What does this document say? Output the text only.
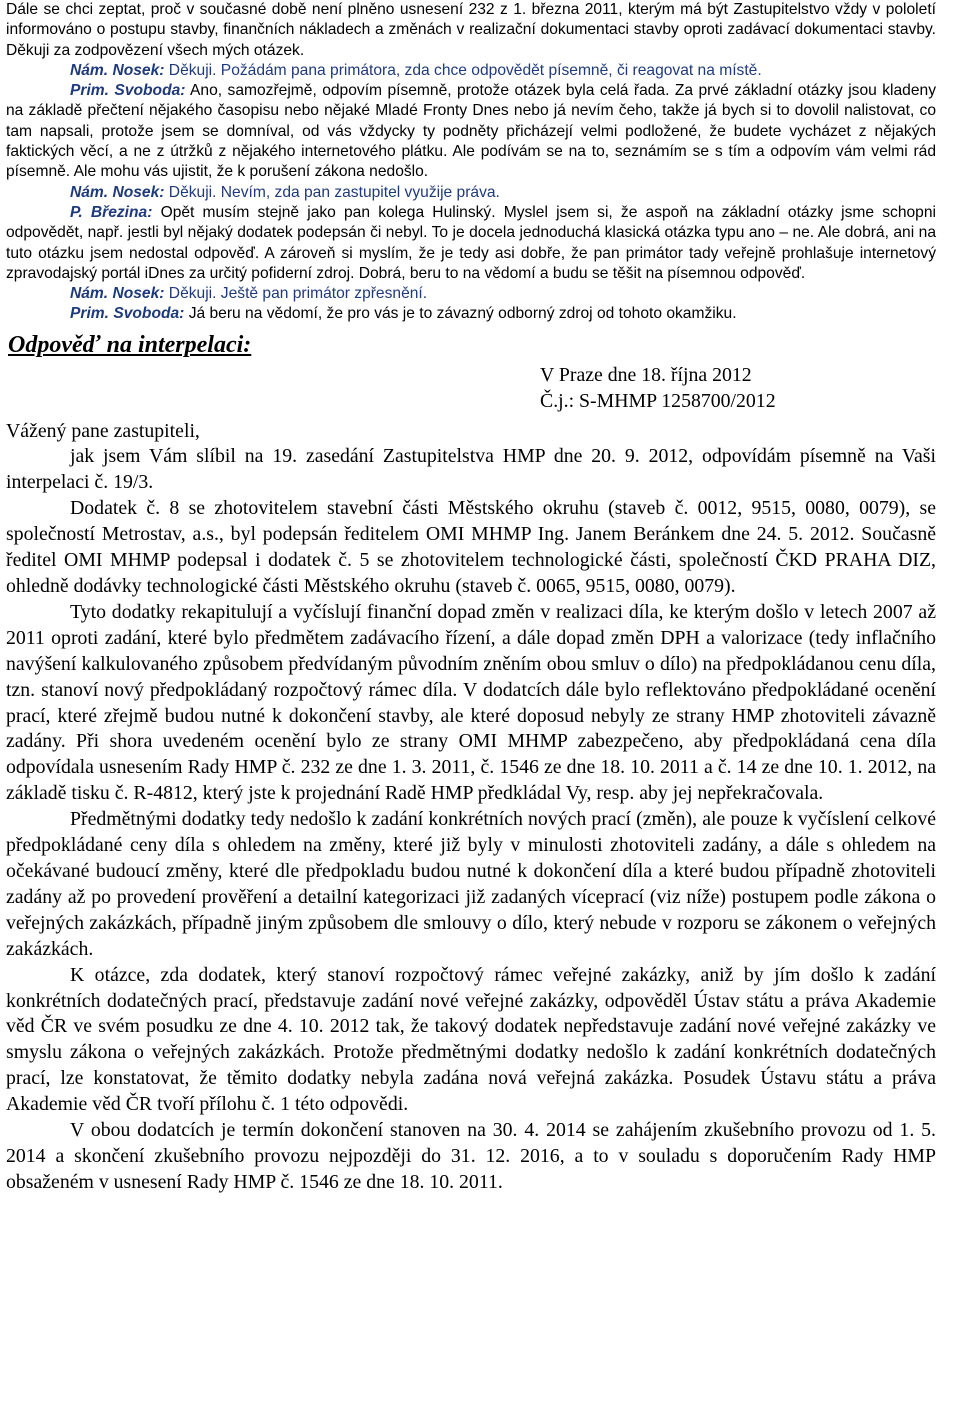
Dále se chci zeptat, proč v současné době není plněno usnesení 232 z 1. března 2011, kterým má být Zastupitelstvo vždy v pololetí informováno o postupu stavby, finančních nákladech a změnách v realizační dokumentaci stavby oproti zadávací dokumentaci stavby. Děkuji za zodpovězení všech mých otázek.

Nám. Nosek: Děkuji. Požádám pana primátora, zda chce odpovědět písemně, či reagovat na místě.

Prim. Svoboda: Ano, samozřejmě, odpovím písemně, protože otázek byla celá řada. Za prvé základní otázky jsou kladeny na základě přečtení nějakého časopisu nebo nějaké Mladé Fronty Dnes nebo já nevím čeho, takže já bych si to dovolil nalistovat, co tam napsali, protože jsem se domníval, od vás vždycky ty podněty přicházejí velmi podložené, že budete vycházet z nějakých faktických věcí, a ne z útržků z nějakého internetového plátku. Ale podívám se na to, seznámím se s tím a odpovím vám velmi rád písemně. Ale mohu vás ujistit, že k porušení zákona nedošlo.

Nám. Nosek: Děkuji. Nevím, zda pan zastupitel využije práva.

P. Březina: Opět musím stejně jako pan kolega Hulinský. Myslel jsem si, že aspoň na základní otázky jsme schopni odpovědět, např. jestli byl nějaký dodatek podepsán či nebyl. To je docela jednoduchá klasická otázka typu ano – ne. Ale dobrá, ani na tuto otázku jsem nedostal odpověď. A zároveň si myslím, že je tedy asi dobře, že pan primátor tady veřejně prohlašuje internetový zpravodajský portál iDnes za určitý pofiderní zdroj. Dobrá, beru to na vědomí a budu se těšit na písemnou odpověď.

Nám. Nosek: Děkuji. Ještě pan primátor zpřesnění.

Prim. Svoboda: Já beru na vědomí, že pro vás je to závazný odborný zdroj od tohoto okamžiku.

Odpověď na interpelaci:

V Praze dne 18. října 2012

Č.j.: S-MHMP 1258700/2012

Vážený pane zastupiteli,

jak jsem Vám slíbil na 19. zasedání Zastupitelstva HMP dne 20. 9. 2012, odpovídám písemně na Vaši interpelaci č. 19/3.

Dodatek č. 8 se zhotovitelem stavební části Městského okruhu (staveb č. 0012, 9515, 0080, 0079), se společností Metrostav, a.s., byl podepsán ředitelem OMI MHMP Ing. Janem Beránkem dne 24. 5. 2012. Současně ředitel OMI MHMP podepsal i dodatek č. 5 se zhotovitelem technologické části, společností ČKD PRAHA DIZ, ohledně dodávky technologické části Městského okruhu (staveb č. 0065, 9515, 0080, 0079).

Tyto dodatky rekapitulují a vyčíslují finanční dopad změn v realizaci díla, ke kterým došlo v letech 2007 až 2011 oproti zadání, které bylo předmětem zadávacího řízení, a dále dopad změn DPH a valorizace (tedy inflačního navýšení kalkulovaného způsobem předvídaným původním zněním obou smluv o dílo) na předpokládanou cenu díla, tzn. stanoví nový předpokládaný rozpočtový rámec díla. V dodatcích dále bylo reflektováno předpokládané ocenění prací, které zřejmě budou nutné k dokončení stavby, ale které doposud nebyly ze strany HMP zhotoviteli závazně zadány. Při shora uvedeném ocenění bylo ze strany OMI MHMP zabezpečeno, aby předpokládaná cena díla odpovídala usnesením Rady HMP č. 232 ze dne 1. 3. 2011, č. 1546 ze dne 18. 10. 2011 a č. 14 ze dne 10. 1. 2012, na základě tisku č. R-4812, který jste k projednání Radě HMP předkládal Vy, resp. aby jej nepřekračovala.

Předmětnými dodatky tedy nedošlo k zadání konkrétních nových prací (změn), ale pouze k vyčíslení celkové předpokládané ceny díla s ohledem na změny, které již byly v minulosti zhotoviteli zadány, a dále s ohledem na očekávané budoucí změny, které dle předpokladu budou nutné k dokončení díla a které budou případně zhotoviteli zadány až po provedení prověření a detailní kategorizaci již zadaných víceprací (viz níže) postupem podle zákona o veřejných zakázkách, případně jiným způsobem dle smlouvy o dílo, který nebude v rozporu se zákonem o veřejných zakázkách.

K otázce, zda dodatek, který stanoví rozpočtový rámec veřejné zakázky, aniž by jím došlo k zadání konkrétních dodatečných prací, představuje zadání nové veřejné zakázky, odpověděl Ústav státu a práva Akademie věd ČR ve svém posudku ze dne 4. 10. 2012 tak, že takový dodatek nepředstavuje zadání nové veřejné zakázky ve smyslu zákona o veřejných zakázkách. Protože předmětnými dodatky nedošlo k zadání konkrétních dodatečných prací, lze konstatovat, že těmito dodatky nebyla zadána nová veřejná zakázka. Posudek Ústavu státu a práva Akademie věd ČR tvoří přílohu č. 1 této odpovědi.

V obou dodatcích je termín dokončení stanoven na 30. 4. 2014 se zahájením zkušebního provozu od 1. 5. 2014 a skončení zkušebního provozu nejpozději do 31. 12. 2016, a to v souladu s doporučením Rady HMP obsaženém v usnesení Rady HMP č. 1546 ze dne 18. 10. 2011.
